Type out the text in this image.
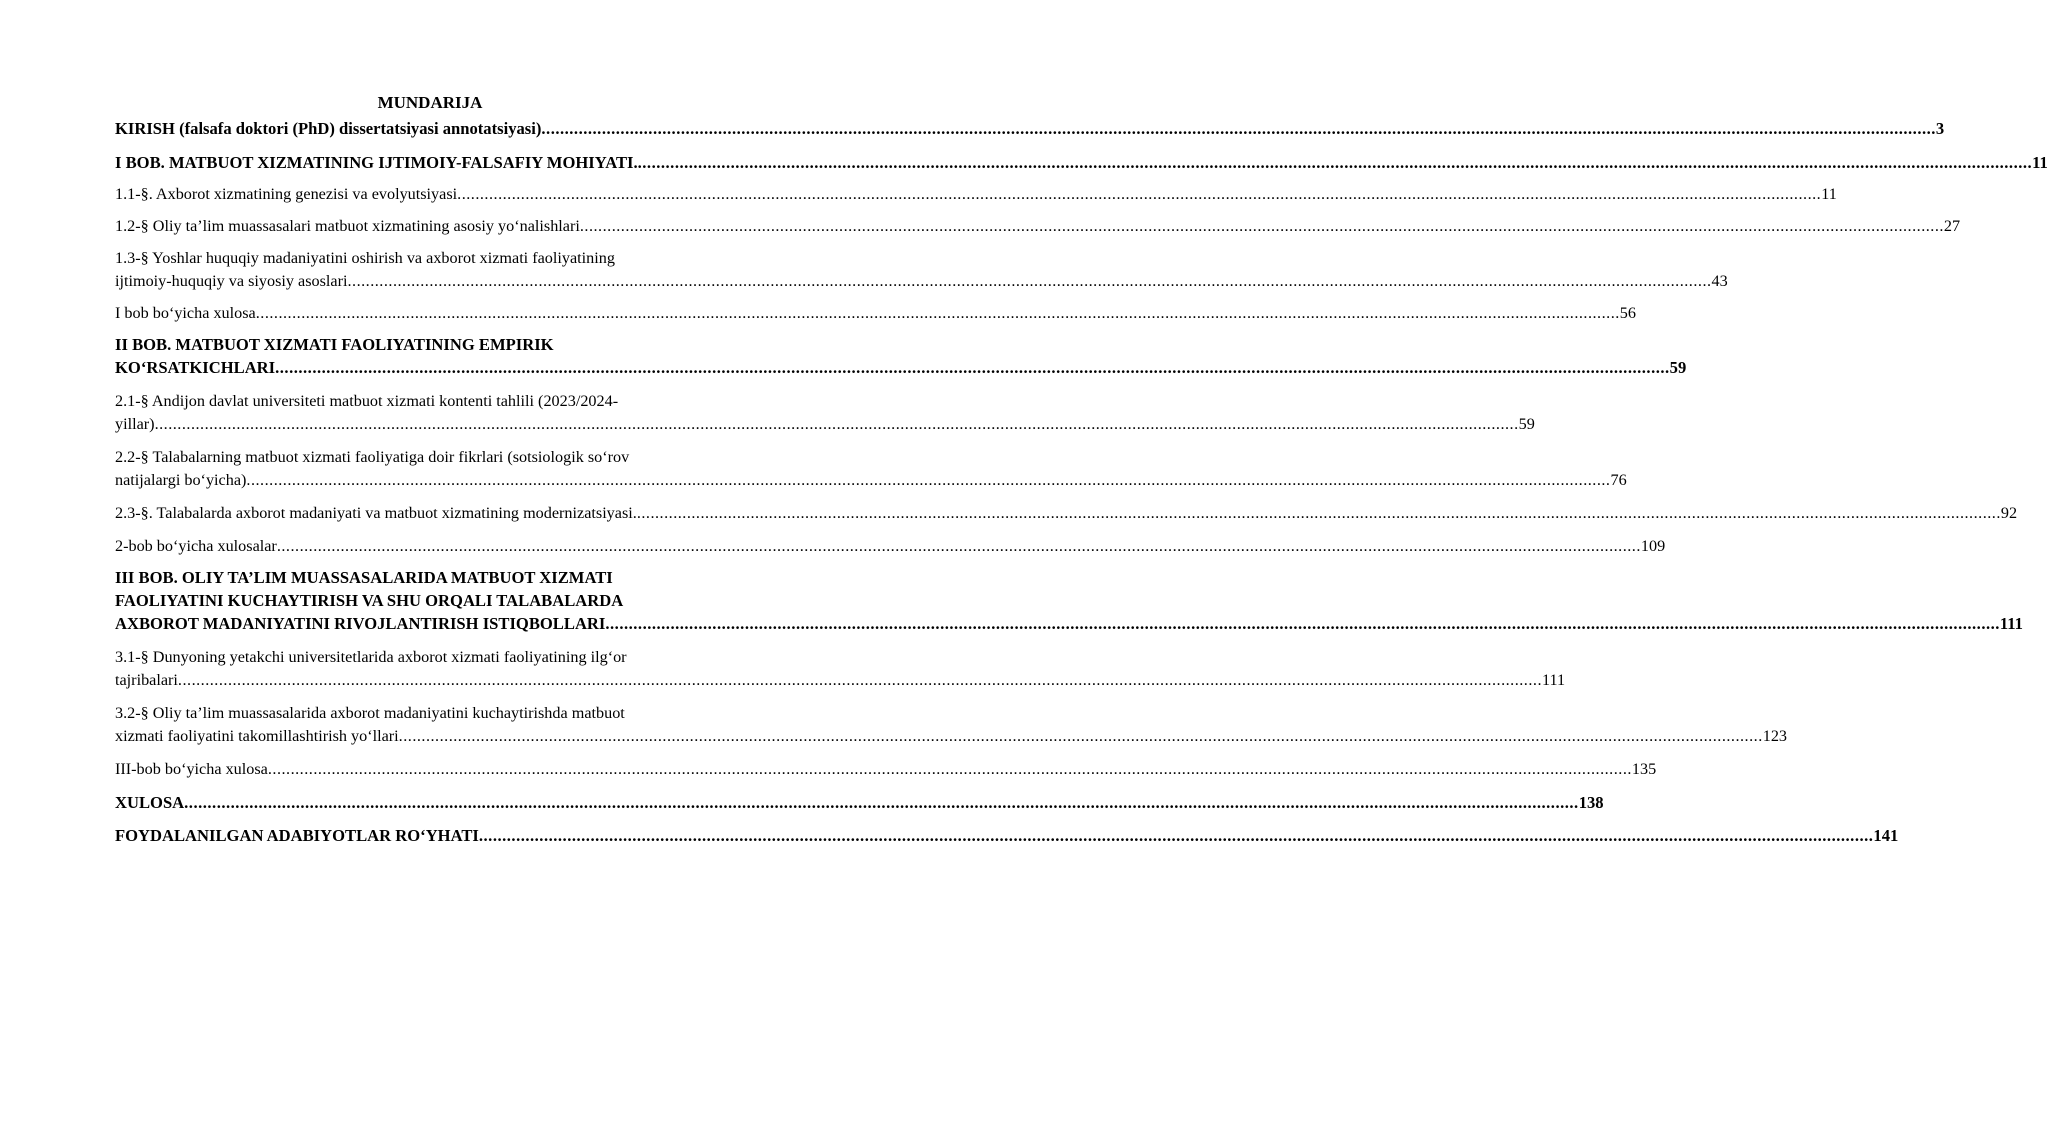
MUNDARIJA
KIRISH (falsafa doktori (PhD) dissertatsiyasi annotatsiyasi) ............................................................................................................................................................................................................................................................................................................ 3
I BOB. MATBUOT XIZMATINING IJTIMOIY-FALSAFIY MOHIYATI. ............................................................................................................................................................................................................................................................................................................ 11
1.1-§. Axborot xizmatining genezisi va evolyutsiyasi ............................................................................................................................................................................................................................................................................................................ 11
1.2-§ Oliy ta’lim muassasalari matbuot xizmatining asosiy yo‘nalishlari ............................................................................................................................................................................................................................................................................................................ 27
1.3-§ Yoshlar huquqiy madaniyatini oshirish va axborot xizmati faoliyatining
ijtimoiy-huquqiy va siyosiy asoslari ............................................................................................................................................................................................................................................................................................................ 43
I bob bo‘yicha xulosa ............................................................................................................................................................................................................................................................................................................ 56
II BOB. MATBUOT XIZMATI FAOLIYATINING EMPIRIK
KO‘RSATKICHLARI ............................................................................................................................................................................................................................................................................................................ 59
2.1-§ Andijon davlat universiteti matbuot xizmati kontenti tahlili (2023/2024-
yillar) ............................................................................................................................................................................................................................................................................................................ 59
2.2-§ Talabalarning matbuot xizmati faoliyatiga doir fikrlari (sotsiologik so‘rov
natijalargi bo‘yicha) ............................................................................................................................................................................................................................................................................................................ 76
2.3-§. Talabalarda axborot madaniyati va matbuot xizmatining modernizatsiyasi. ............................................................................................................................................................................................................................................................................................................ 92
2-bob bo‘yicha xulosalar ............................................................................................................................................................................................................................................................................................................ 109
III BOB. OLIY TA’LIM MUASSASALARIDA MATBUOT XIZMATI
FAOLIYATINI KUCHAYTIRISH VA SHU ORQALI TALABALARDA
AXBOROT MADANIYATINI RIVOJLANTIRISH ISTIQBOLLARI ............................................................................................................................................................................................................................................................................................................ 111
3.1-§ Dunyoning yetakchi universitetlarida axborot xizmati faoliyatining ilg‘or
tajribalari ............................................................................................................................................................................................................................................................................................................ 111
3.2-§ Oliy ta’lim muassasalarida axborot madaniyatini kuchaytirishda matbuot
xizmati faoliyatini takomillashtirish yo‘llari ............................................................................................................................................................................................................................................................................................................ 123
III-bob bo‘yicha xulosa ............................................................................................................................................................................................................................................................................................................ 135
XULOSA ............................................................................................................................................................................................................................................................................................................ 138
FOYDALANILGAN ADABIYOTLAR RO‘YHATI ............................................................................................................................................................................................................................................................................................................ 141
